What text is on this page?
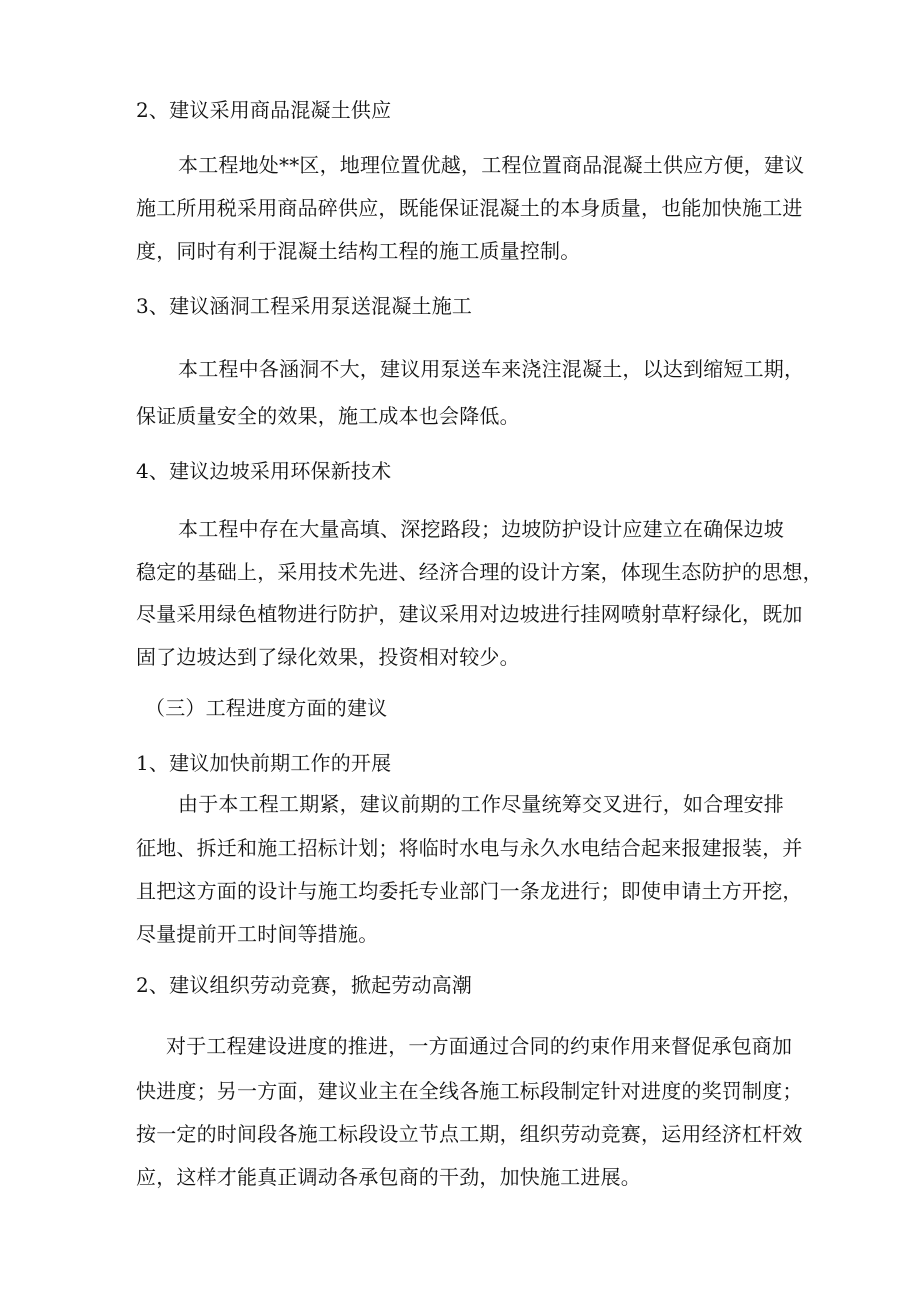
2、建议采用商品混凝土供应

本工程地处**区，地理位置优越，工程位置商品混凝土供应方便，建议

施工所用税采用商品碎供应，既能保证混凝土的本身质量，也能加快施工进

度，同时有利于混凝土结构工程的施工质量控制。

3、建议涵洞工程采用泵送混凝土施工

本工程中各涵洞不大，建议用泵送车来浇注混凝土，以达到缩短工期，

保证质量安全的效果，施工成本也会降低。

4、建议边坡采用环保新技术

本工程中存在大量高填、深挖路段；边坡防护设计应建立在确保边坡

稳定的基础上，采用技术先进、经济合理的设计方案，体现生态防护的思想，

尽量采用绿色植物进行防护，建议采用对边坡进行挂网喷射草籽绿化，既加

固了边坡达到了绿化效果，投资相对较少。

（三）工程进度方面的建议

1、建议加快前期工作的开展

由于本工程工期紧，建议前期的工作尽量统筹交叉进行，如合理安排

征地、拆迁和施工招标计划；将临时水电与永久水电结合起来报建报装，并

且把这方面的设计与施工均委托专业部门一条龙进行；即使申请土方开挖，

尽量提前开工时间等措施。

2、建议组织劳动竞赛，掀起劳动高潮

对于工程建设进度的推进，一方面通过合同的约束作用来督促承包商加

快进度；另一方面，建议业主在全线各施工标段制定针对进度的奖罚制度；

按一定的时间段各施工标段设立节点工期，组织劳动竞赛，运用经济杠杆效

应，这样才能真正调动各承包商的干劲，加快施工进展。
